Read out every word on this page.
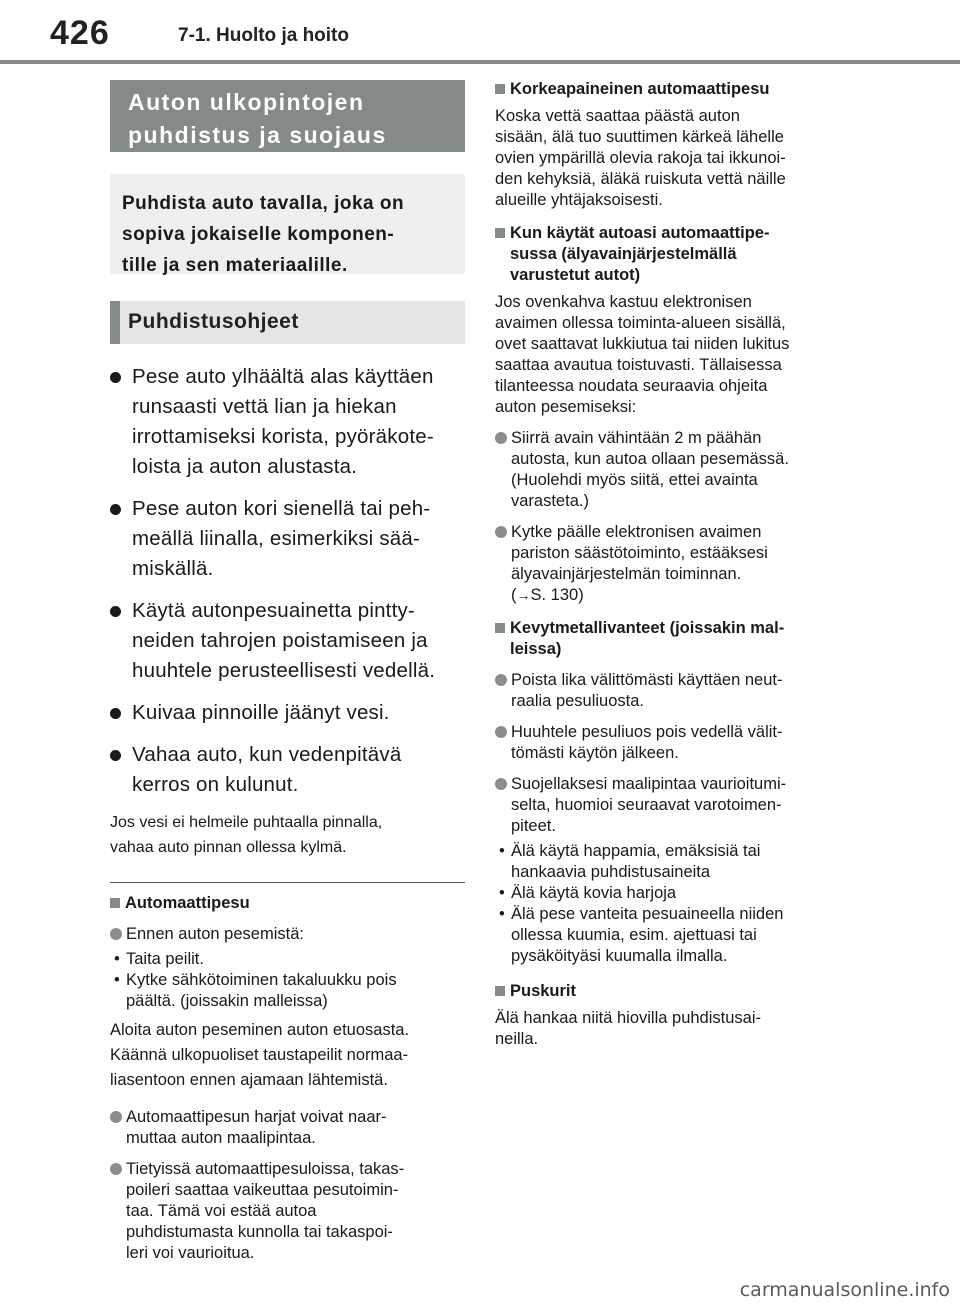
426	7-1. Huolto ja hoito
Auton ulkopintojen
puhdistus ja suojaus
Puhdista auto tavalla, joka on
sopiva jokaiselle komponen-
tille ja sen materiaalille.
Puhdistusohjeet
Pese auto ylhäältä alas käyttäen
runsaasti vettä lian ja hiekan
irrottamiseksi korista, pyöräkote-
loista ja auton alustasta.
Pese auton kori sienellä tai peh-
meällä liinalla, esimerkiksi sää-
miskällä.
Käytä autonpesuainetta pintty-
neiden tahrojen poistamiseen ja
huuhtele perusteellisesti vedellä.
Kuivaa pinnoille jäänyt vesi.
Vahaa auto, kun vedenpitävä
kerros on kulunut.
Jos vesi ei helmeile puhtaalla pinnalla,
vahaa auto pinnan ollessa kylmä.
Automaattipesu
Ennen auton pesemistä:
• Taita peilit.
• Kytke sähkötoiminen takaluukku pois
päältä. (joissakin malleissa)
Aloita auton peseminen auton etuosasta.
Käännä ulkopuoliset taustapeilit normaa-
liasentoon ennen ajamaan lähtemistä.
Automaattipesun harjat voivat naar-
muttaa auton maalipintaa.
Tietyissä automaattipesuloissa, takas-
poileri saattaa vaikeuttaa pesutoimin-
taa. Tämä voi estää autoa
puhdistumasta kunnolla tai takaspoi-
leri voi vaurioitua.
Korkeapaineinen automaattipesu
Koska vettä saattaa päästä auton
sisään, älä tuo suuttimen kärkeä lähelle
ovien ympärillä olevia rakoja tai ikkunoi-
den kehyksiä, äläkä ruiskuta vettä näille
alueille yhtäjaksoisesti.
Kun käytät autoasi automaattipe-
sussa (älyavainjärjestelmällä
varustetut autot)
Jos ovenkahva kastuu elektronisen
avaimen ollessa toiminta-alueen sisällä,
ovet saattavat lukkiutua tai niiden lukitus
saattaa avautua toistuvasti. Tällaisessa
tilanteessa noudata seuraavia ohjeita
auton pesemiseksi:
Siirrä avain vähintään 2 m päähän
autosta, kun autoa ollaan pesemässä.
(Huolehdi myös siitä, ettei avainta
varasteta.)
Kytke päälle elektronisen avaimen
pariston säästötoiminto, estääksesi
älyavainjärjestelmän toiminnan.
(→S. 130)
Kevytmetallivanteet (joissakin mal-
leissa)
Poista lika välittömästi käyttäen neut-
raalia pesuliuosta.
Huuhtele pesuliuos pois vedellä välit-
tömästi käytön jälkeen.
Suojellaksesi maalipintaa vaurioitumi-
selta, huomioi seuraavat varotoimen-
piteet.
• Älä käytä happamia, emäksisiä tai
hankaavia puhdistusaineita
• Älä käytä kovia harjoja
• Älä pese vanteita pesuaineella niiden
ollessa kuumia, esim. ajettuasi tai
pysäköityäsi kuumalla ilmalla.
Puskurit
Älä hankaa niitä hiovilla puhdistusai-
neilla.
carmanualsonline.info
